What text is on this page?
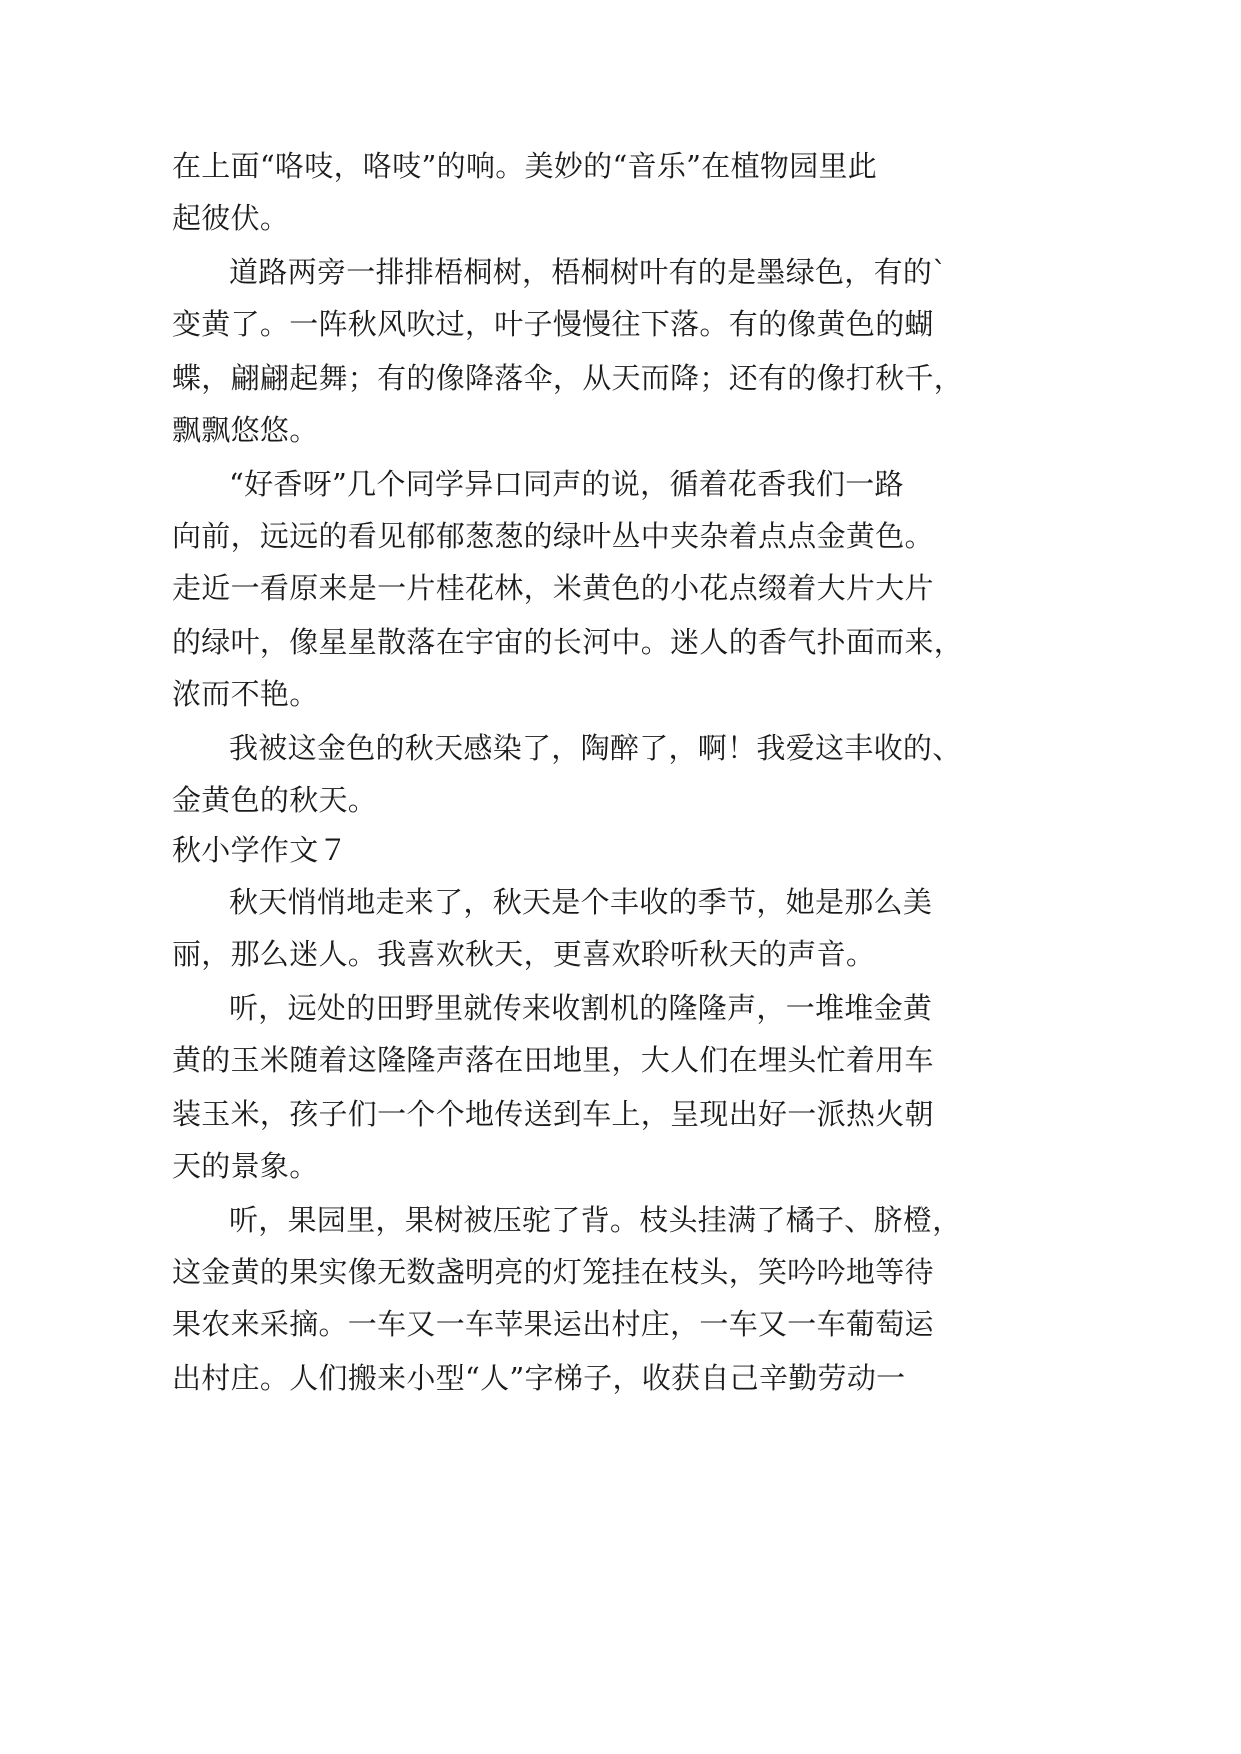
在上面“咯吱，咯吱”的响。美妙的“音乐”在植物园里此
起彼伏。
道路两旁一排排梧桐树，梧桐树叶有的是墨绿色，有的`
变黄了。一阵秋风吹过，叶子慢慢往下落。有的像黄色的蝴
蝶，翩翩起舞；有的像降落伞，从天而降；还有的像打秋千，
飘飘悠悠。
“好香呀”几个同学异口同声的说，循着花香我们一路
向前，远远的看见郁郁葱葱的绿叶丛中夹杂着点点金黄色。
走近一看原来是一片桂花林，米黄色的小花点缀着大片大片
的绿叶，像星星散落在宇宙的长河中。迷人的香气扑面而来，
浓而不艳。
我被这金色的秋天感染了，陶醉了，啊！我爱这丰收的、
金黄色的秋天。
秋小学作文７
秋天悄悄地走来了，秋天是个丰收的季节，她是那么美
丽，那么迷人。我喜欢秋天，更喜欢聆听秋天的声音。
听，远处的田野里就传来收割机的隆隆声，一堆堆金黄
黄的玉米随着这隆隆声落在田地里，大人们在埋头忙着用车
装玉米，孩子们一个个地传送到车上，呈现出好一派热火朝
天的景象。
听，果园里，果树被压驼了背。枝头挂满了橘子、脐橙，
这金黄的果实像无数盏明亮的灯笼挂在枝头，笑吟吟地等待
果农来采摘。一车又一车苹果运出村庄，一车又一车葡萄运
出村庄。人们搬来小型“人”字梯子，收获自己辛勤劳动一
